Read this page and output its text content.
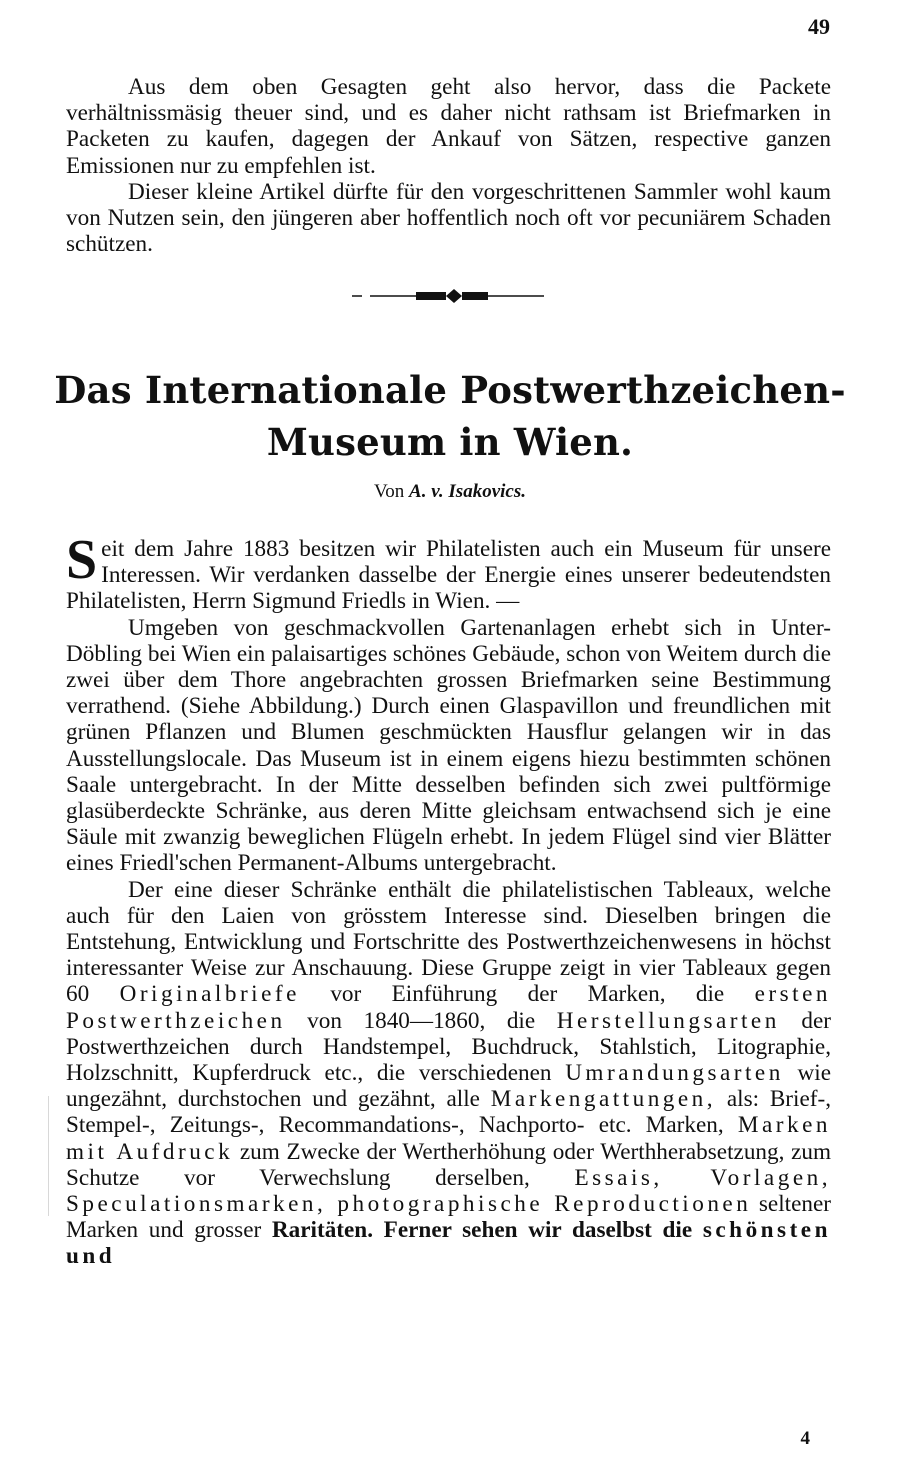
49

Aus dem oben Gesagten geht also hervor, dass die Packete verhältnissmäsig theuer sind, und es daher nicht rathsam ist Briefmarken in Packeten zu kaufen, dagegen der Ankauf von Sätzen, respective ganzen Emissionen nur zu empfehlen ist.

Dieser kleine Artikel dürfte für den vorgeschrittenen Sammler wohl kaum von Nutzen sein, den jüngeren aber hoffentlich noch oft vor pecuniärem Schaden schützen.

Das Internationale Postwerthzeichen-
Museum in Wien.
Von A. v. Isakovics.

Seit dem Jahre 1883 besitzen wir Philatelisten auch ein Museum für unsere Interessen. Wir verdanken dasselbe der Energie eines unserer bedeutendsten Philatelisten, Herrn Sigmund Friedls in Wien. —

Umgeben von geschmackvollen Gartenanlagen erhebt sich in Unter-Döbling bei Wien ein palaisartiges schönes Gebäude, schon von Weitem durch die zwei über dem Thore angebrachten grossen Briefmarken seine Bestimmung verrathend. (Siehe Abbildung.) Durch einen Glaspavillon und freundlichen mit grünen Pflanzen und Blumen geschmückten Hausflur gelangen wir in das Ausstellungslocale. Das Museum ist in einem eigens hiezu bestimmten schönen Saale untergebracht. In der Mitte desselben befinden sich zwei pultförmige glasüberdeckte Schränke, aus deren Mitte gleichsam entwachsend sich je eine Säule mit zwanzig beweglichen Flügeln erhebt. In jedem Flügel sind vier Blätter eines Friedl'schen Permanent-Albums untergebracht.

Der eine dieser Schränke enthält die philatelistischen Tableaux, welche auch für den Laien von grösstem Interesse sind. Dieselben bringen die Entstehung, Entwicklung und Fortschritte des Postwerthzeichenwesens in höchst interessanter Weise zur Anschauung. Diese Gruppe zeigt in vier Tableaux gegen 60 Originalbriefe vor Einführung der Marken, die ersten Postwerthzeichen von 1840—1860, die Herstellungsarten der Postwerthzeichen durch Handstempel, Buchdruck, Stahlstich, Litographie, Holzschnitt, Kupferdruck etc., die verschiedenen Umrandungsarten wie ungezähnt, durchstochen und gezähnt, alle Markengattungen, als: Brief-, Stempel-, Zeitungs-, Recommandations-, Nachporto- etc. Marken, Marken mit Aufdruck zum Zwecke der Wertherhöhung oder Werthherabsetzung, zum Schutze vor Verwechslung derselben, Essais, Vorlagen, Speculationsmarken, photographische Reproductionen seltener Marken und grosser Raritäten. Ferner sehen wir daselbst die schönsten und

4
